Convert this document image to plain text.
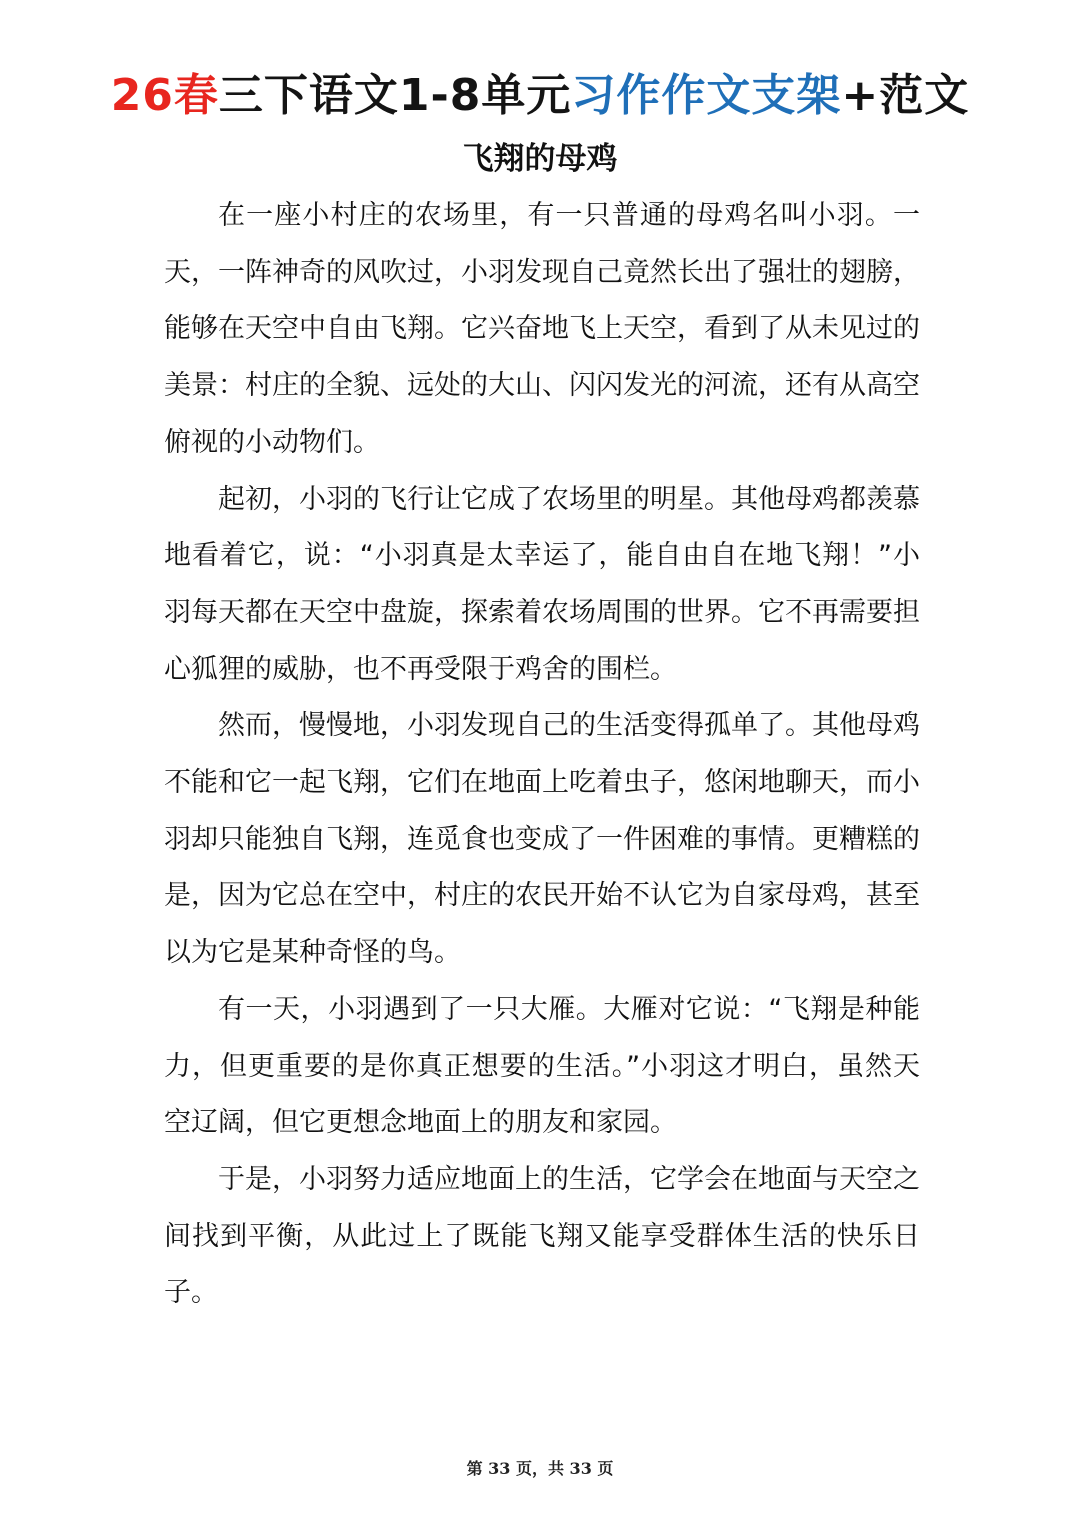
26春三下语文1-8单元习作作文支架+范文
飞翔的母鸡

在一座小村庄的农场里，有一只普通的母鸡名叫小羽。一天，一阵神奇的风吹过，小羽发现自己竟然长出了强壮的翅膀，能够在天空中自由飞翔。它兴奋地飞上天空，看到了从未见过的美景：村庄的全貌、远处的大山、闪闪发光的河流，还有从高空俯视的小动物们。

起初，小羽的飞行让它成了农场里的明星。其他母鸡都羡慕地看着它，说：“小羽真是太幸运了，能自由自在地飞翔！”小羽每天都在天空中盘旋，探索着农场周围的世界。它不再需要担心狐狸的威胁，也不再受限于鸡舍的围栏。

然而，慢慢地，小羽发现自己的生活变得孤单了。其他母鸡不能和它一起飞翔，它们在地面上吃着虫子，悠闲地聊天，而小羽却只能独自飞翔，连觅食也变成了一件困难的事情。更糟糕的是，因为它总在空中，村庄的农民开始不认它为自家母鸡，甚至以为它是某种奇怪的鸟。

有一天，小羽遇到了一只大雁。大雁对它说：“飞翔是种能力，但更重要的是你真正想要的生活。”小羽这才明白，虽然天空辽阔，但它更想念地面上的朋友和家园。

于是，小羽努力适应地面上的生活，它学会在地面与天空之间找到平衡，从此过上了既能飞翔又能享受群体生活的快乐日子。

第 33 页，共 33 页
